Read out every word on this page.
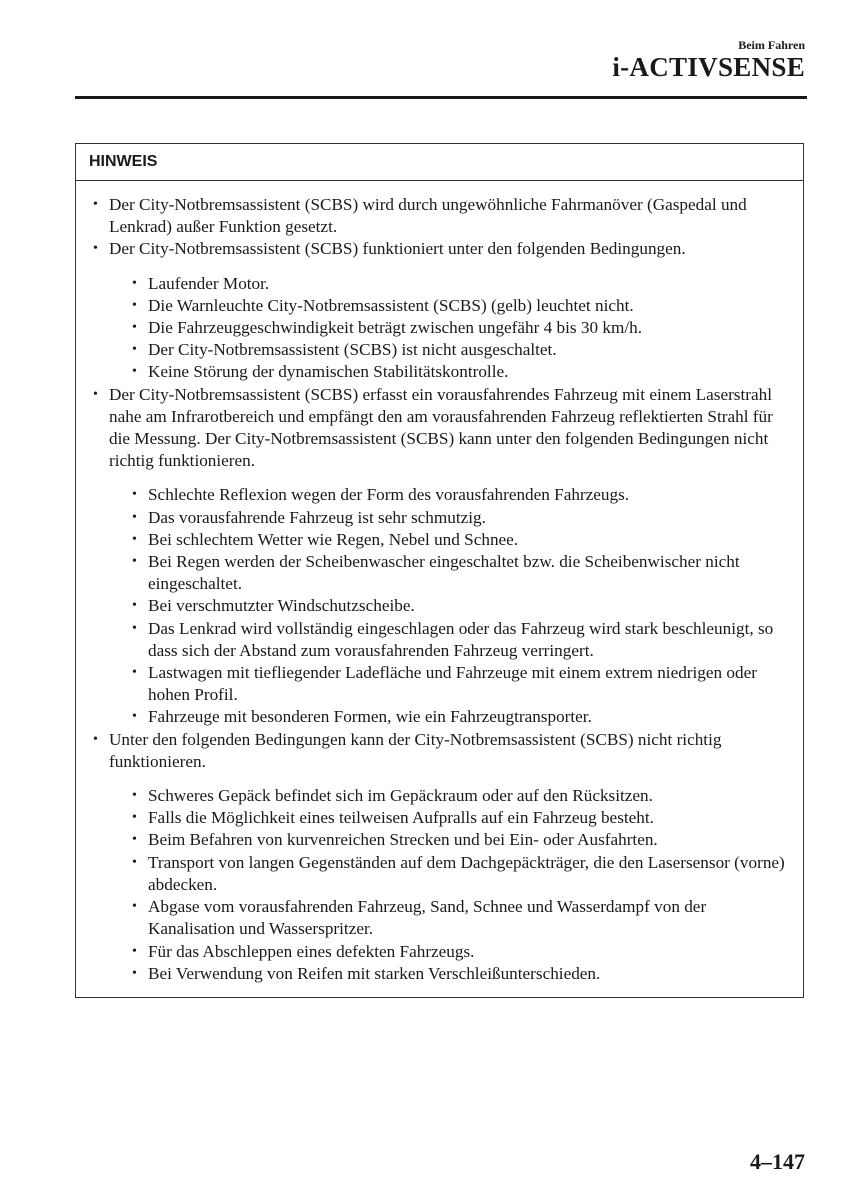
Beim Fahren
i-ACTIVSENSE
HINWEIS
• Der City-Notbremsassistent (SCBS) wird durch ungewöhnliche Fahrmanöver (Gaspedal und Lenkrad) außer Funktion gesetzt.
• Der City-Notbremsassistent (SCBS) funktioniert unter den folgenden Bedingungen.
• Laufender Motor.
• Die Warnleuchte City-Notbremsassistent (SCBS) (gelb) leuchtet nicht.
• Die Fahrzeuggeschwindigkeit beträgt zwischen ungefähr 4 bis 30 km/h.
• Der City-Notbremsassistent (SCBS) ist nicht ausgeschaltet.
• Keine Störung der dynamischen Stabilitätskontrolle.
• Der City-Notbremsassistent (SCBS) erfasst ein vorausfahrendes Fahrzeug mit einem Laserstrahl nahe am Infrarotbereich und empfängt den am vorausfahrenden Fahrzeug reflektierten Strahl für die Messung. Der City-Notbremsassistent (SCBS) kann unter den folgenden Bedingungen nicht richtig funktionieren.
• Schlechte Reflexion wegen der Form des vorausfahrenden Fahrzeugs.
• Das vorausfahrende Fahrzeug ist sehr schmutzig.
• Bei schlechtem Wetter wie Regen, Nebel und Schnee.
• Bei Regen werden der Scheibenwascher eingeschaltet bzw. die Scheibenwischer nicht eingeschaltet.
• Bei verschmutzter Windschutzscheibe.
• Das Lenkrad wird vollständig eingeschlagen oder das Fahrzeug wird stark beschleunigt, so dass sich der Abstand zum vorausfahrenden Fahrzeug verringert.
• Lastwagen mit tiefliegender Ladefläche und Fahrzeuge mit einem extrem niedrigen oder hohen Profil.
• Fahrzeuge mit besonderen Formen, wie ein Fahrzeugtransporter.
• Unter den folgenden Bedingungen kann der City-Notbremsassistent (SCBS) nicht richtig funktionieren.
• Schweres Gepäck befindet sich im Gepäckraum oder auf den Rücksitzen.
• Falls die Möglichkeit eines teilweisen Aufpralls auf ein Fahrzeug besteht.
• Beim Befahren von kurvenreichen Strecken und bei Ein- oder Ausfahrten.
• Transport von langen Gegenständen auf dem Dachgepäckträger, die den Lasersensor (vorne) abdecken.
• Abgase vom vorausfahrenden Fahrzeug, Sand, Schnee und Wasserdampf von der Kanalisation und Wasserspritzer.
• Für das Abschleppen eines defekten Fahrzeugs.
• Bei Verwendung von Reifen mit starken Verschleißunterschieden.
4–147
